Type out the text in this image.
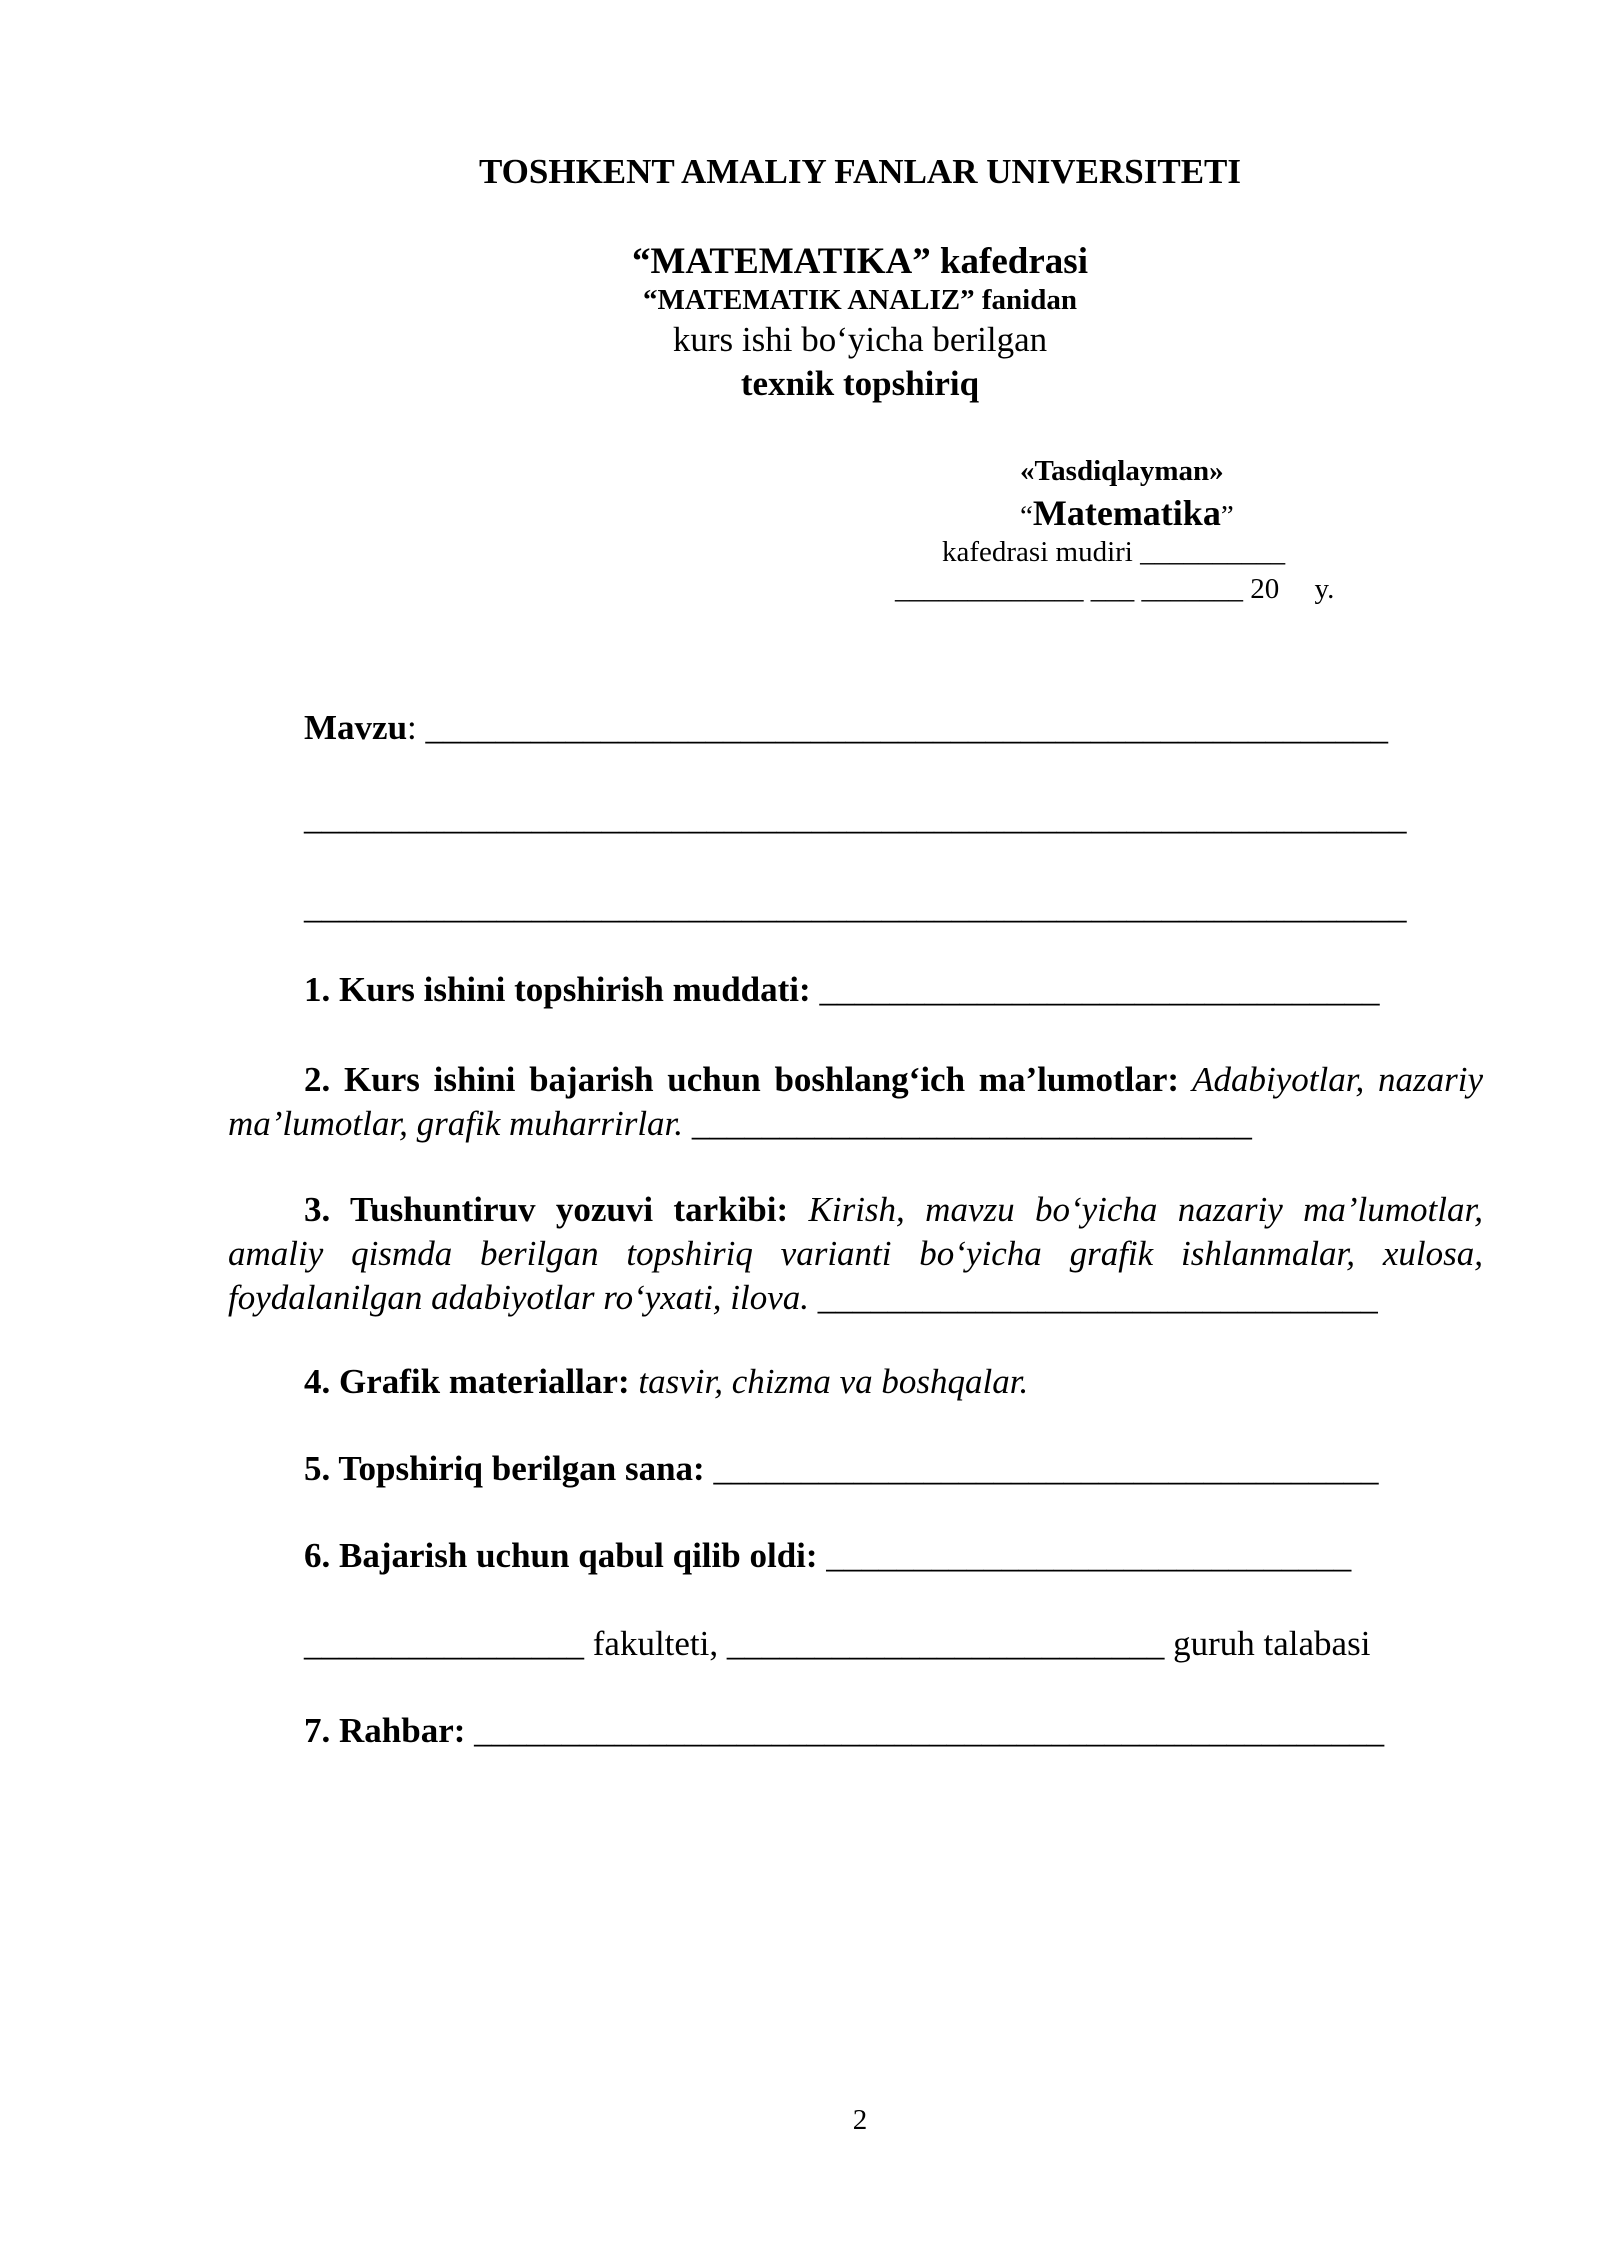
TOSHKENT AMALIY FANLAR UNIVERSITETI
“MATEMATIKA” kafedrasi
“MATEMATIK ANALIZ” fanidan
kurs ishi bo‘yicha berilgan
texnik topshiriq
«Tasdiqlayman»
“Matematika”
kafedrasi mudiri __________
_____________ ___ _______ 20 y.
Mavzu: _______________________________________________________
_______________________________________________________________
_______________________________________________________________
1. Kurs ishini topshirish muddati: ________________________________
2. Kurs ishini bajarish uchun boshlang‘ich ma’lumotlar: Adabiyotlar, nazariy ma’lumotlar, grafik muharrirlar. ________________________________
3. Tushuntiruv yozuvi tarkibi: Kirish, mavzu bo‘yicha nazariy ma’lumotlar, amaliy qismda berilgan topshiriq varianti bo‘yicha grafik ishlanmalar, xulosa, foydalanilgan adabiyotlar ro‘yxati, ilova. ________________________________
4. Grafik materiallar: tasvir, chizma va boshqalar.
5. Topshiriq berilgan sana: ______________________________________
6. Bajarish uchun qabul qilib oldi: ______________________________
________________ fakulteti, _________________________ guruh talabasi
7. Rahbar: ____________________________________________________
2
